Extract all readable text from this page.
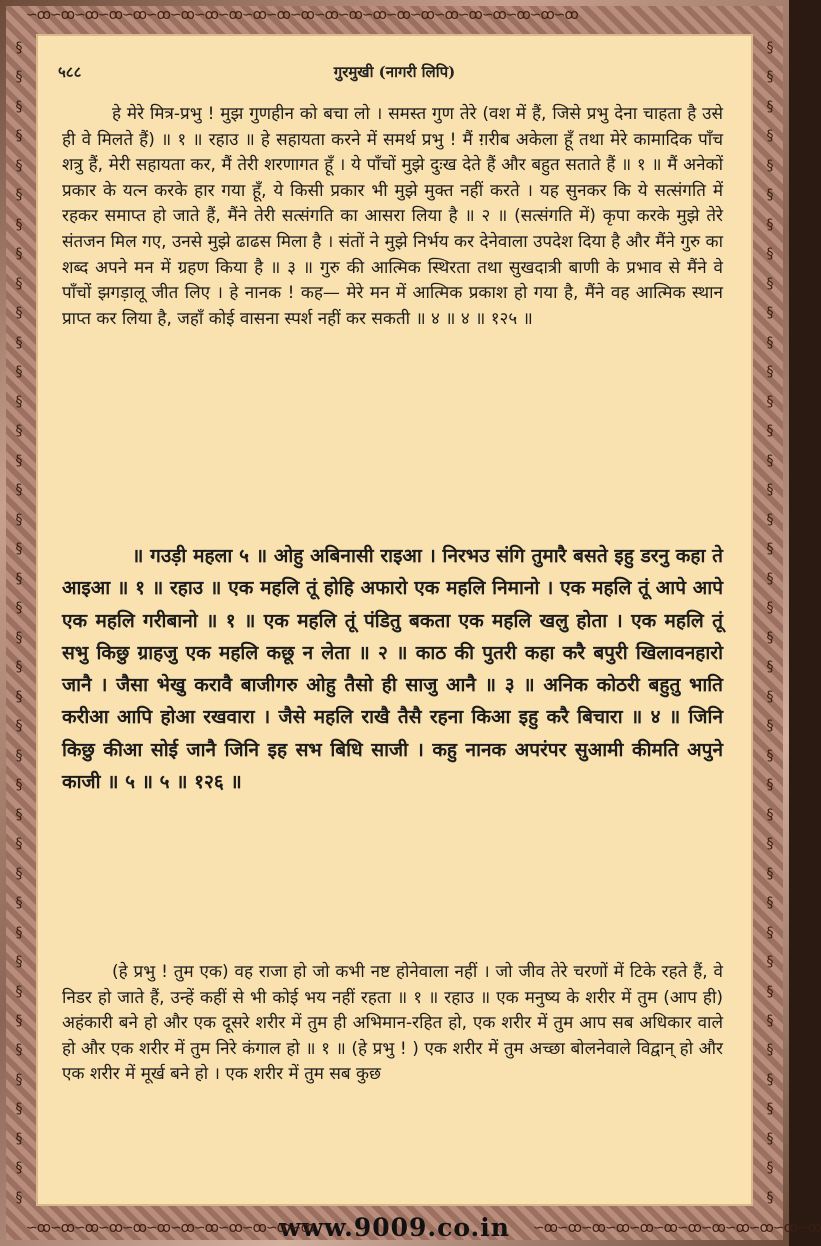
∽ꝏ∽ꝏ∽ꝏ∽ꝏ∽ꝏ∽ꝏ∽ꝏ∽ꝏ∽ꝏ∽ꝏ∽ꝏ∽ꝏ∽ꝏ∽ꝏ∽ꝏ∽ꝏ∽ꝏ∽ꝏ∽ꝏ∽ꝏ∽ꝏ∽ꝏ∽ꝏ
§
§
§
§
§
§
§
§
§
§
§
§
§
§
§
§
§
§
§
§
§
§
§
§
§
§
§
§
§
§
§
§
§
§
§
§
§
§
§
§
§
§
§
§
§
§
§
§
§
§
§
§
§
§
§
§
§
§
§
§
§
§
§
§
§
§
§
§
§
§
§
§
§
§
§
§
§
§
§
§
५८८	गुरमुखी (नागरी लिपि)

हे मेरे मित्र-प्रभु ! मुझ गुणहीन को बचा लो । समस्त गुण तेरे (वश में हैं, जिसे प्रभु देना चाहता है उसे ही वे मिलते हैं) ॥ १ ॥ रहाउ ॥ हे सहायता करने में समर्थ प्रभु ! मैं ग़रीब अकेला हूँ तथा मेरे कामादिक पाँच शत्रु हैं, मेरी सहायता कर, मैं तेरी शरणागत हूँ । ये पाँचों मुझे दुःख देते हैं और बहुत सताते हैं ॥ १ ॥ मैं अनेकों प्रकार के यत्न करके हार गया हूँ, ये किसी प्रकार भी मुझे मुक्त नहीं करते । यह सुनकर कि ये सत्संगति में रहकर समाप्त हो जाते हैं, मैंने तेरी सत्संगति का आसरा लिया है ॥ २ ॥ (सत्संगति में) कृपा करके मुझे तेरे संतजन मिल गए, उनसे मुझे ढाढस मिला है । संतों ने मुझे निर्भय कर देनेवाला उपदेश दिया है और मैंने गुरु का शब्द अपने मन में ग्रहण किया है ॥ ३ ॥ गुरु की आत्मिक स्थिरता तथा सुखदात्री बाणी के प्रभाव से मैंने वे पाँचों झगड़ालू जीत लिए । हे नानक ! कह— मेरे मन में आत्मिक प्रकाश हो गया है, मैंने वह आत्मिक स्थान प्राप्त कर लिया है, जहाँ कोई वासना स्पर्श नहीं कर सकती ॥ ४ ॥ ४ ॥ १२५ ॥

॥ गउड़ी महला ५ ॥ ओहु अबिनासी राइआ । निरभउ संगि तुमारै बसते इहु डरनु कहा ते आइआ ॥ १ ॥ रहाउ ॥ एक महलि तूं होहि अफारो एक महलि निमानो । एक महलि तूं आपे आपे एक महलि गरीबानो ॥ १ ॥ एक महलि तूं पंडितु बकता एक महलि खलु होता । एक महलि तूं सभु किछु ग्राहजु एक महलि कछू न लेता ॥ २ ॥ काठ की पुतरी कहा करै बपुरी खिलावनहारो जानै । जैसा भेखु करावै बाजीगरु ओहु तैसो ही साजु आनै ॥ ३ ॥ अनिक कोठरी बहुतु भाति करीआ आपि होआ रखवारा । जैसे महलि राखै तैसै रहना किआ इहु करै बिचारा ॥ ४ ॥ जिनि किछु कीआ सोई जानै जिनि इह सभ बिधि साजी । कहु नानक अपरंपर सुआमी कीमति अपुने काजी ॥ ५ ॥ ५ ॥ १२६ ॥

(हे प्रभु ! तुम एक) वह राजा हो जो कभी नष्ट होनेवाला नहीं । जो जीव तेरे चरणों में टिके रहते हैं, वे निडर हो जाते हैं, उन्हें कहीं से भी कोई भय नहीं रहता ॥ १ ॥ रहाउ ॥ एक मनुष्य के शरीर में तुम (आप ही) अहंकारी बने हो और एक दूसरे शरीर में तुम ही अभिमान-रहित हो, एक शरीर में तुम आप सब अधिकार वाले हो और एक शरीर में तुम निरे कंगाल हो ॥ १ ॥ (हे प्रभु ! ) एक शरीर में तुम अच्छा बोलनेवाले विद्वान् हो और एक शरीर में मूर्ख बने हो । एक शरीर में तुम सब कुछ

∽ꝏ∽ꝏ∽ꝏ∽ꝏ∽ꝏ∽ꝏ∽ꝏ∽ꝏ∽ꝏ∽ꝏ∽ꝏ∽ꝏ
www.9009.co.in ∽ꝏ∽ꝏ∽ꝏ∽ꝏ∽ꝏ∽ꝏ∽ꝏ∽ꝏ∽ꝏ∽ꝏ∽ꝏ∽ꝏ
